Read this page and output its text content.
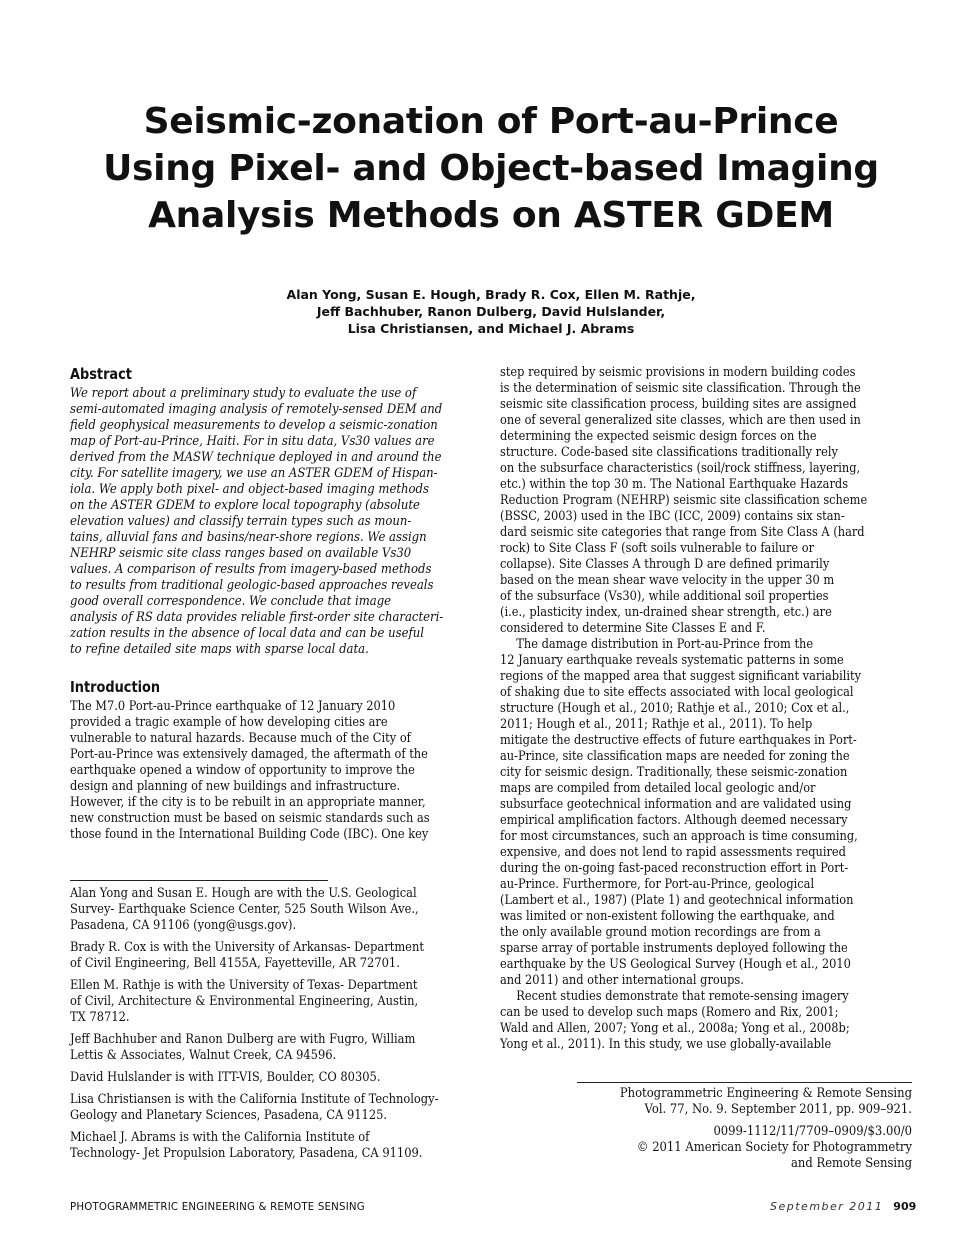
Seismic-zonation of Port-au-Prince
Using Pixel- and Object-based Imaging
Analysis Methods on ASTER GDEM
Alan Yong, Susan E. Hough, Brady R. Cox, Ellen M. Rathje,
Jeff Bachhuber, Ranon Dulberg, David Hulslander,
Lisa Christiansen, and Michael J. Abrams
Abstract
We report about a preliminary study to evaluate the use of
semi-automated imaging analysis of remotely-sensed DEM and
field geophysical measurements to develop a seismic-zonation
map of Port-au-Prince, Haiti. For in situ data, Vs30 values are
derived from the MASW technique deployed in and around the
city. For satellite imagery, we use an ASTER GDEM of Hispan-
iola. We apply both pixel- and object-based imaging methods
on the ASTER GDEM to explore local topography (absolute
elevation values) and classify terrain types such as moun-
tains, alluvial fans and basins/near-shore regions. We assign
NEHRP seismic site class ranges based on available Vs30
values. A comparison of results from imagery-based methods
to results from traditional geologic-based approaches reveals
good overall correspondence. We conclude that image
analysis of RS data provides reliable first-order site characteri-
zation results in the absence of local data and can be useful
to refine detailed site maps with sparse local data.
Introduction
The M7.0 Port-au-Prince earthquake of 12 January 2010
provided a tragic example of how developing cities are
vulnerable to natural hazards. Because much of the City of
Port-au-Prince was extensively damaged, the aftermath of the
earthquake opened a window of opportunity to improve the
design and planning of new buildings and infrastructure.
However, if the city is to be rebuilt in an appropriate manner,
new construction must be based on seismic standards such as
those found in the International Building Code (IBC). One key
Alan Yong and Susan E. Hough are with the U.S. Geological
Survey- Earthquake Science Center, 525 South Wilson Ave.,
Pasadena, CA 91106 (yong@usgs.gov).
Brady R. Cox is with the University of Arkansas- Department
of Civil Engineering, Bell 4155A, Fayetteville, AR 72701.
Ellen M. Rathje is with the University of Texas- Department
of Civil, Architecture & Environmental Engineering, Austin,
TX 78712.
Jeff Bachhuber and Ranon Dulberg are with Fugro, William
Lettis & Associates, Walnut Creek, CA 94596.
David Hulslander is with ITT-VIS, Boulder, CO 80305.
Lisa Christiansen is with the California Institute of Technology-
Geology and Planetary Sciences, Pasadena, CA 91125.
Michael J. Abrams is with the California Institute of
Technology- Jet Propulsion Laboratory, Pasadena, CA 91109.
step required by seismic provisions in modern building codes
is the determination of seismic site classification. Through the
seismic site classification process, building sites are assigned
one of several generalized site classes, which are then used in
determining the expected seismic design forces on the
structure. Code-based site classifications traditionally rely
on the subsurface characteristics (soil/rock stiffness, layering,
etc.) within the top 30 m. The National Earthquake Hazards
Reduction Program (NEHRP) seismic site classification scheme
(BSSC, 2003) used in the IBC (ICC, 2009) contains six stan-
dard seismic site categories that range from Site Class A (hard
rock) to Site Class F (soft soils vulnerable to failure or
collapse). Site Classes A through D are defined primarily
based on the mean shear wave velocity in the upper 30 m
of the subsurface (Vs30), while additional soil properties
(i.e., plasticity index, un-drained shear strength, etc.) are
considered to determine Site Classes E and F.
The damage distribution in Port-au-Prince from the
12 January earthquake reveals systematic patterns in some
regions of the mapped area that suggest significant variability
of shaking due to site effects associated with local geological
structure (Hough et al., 2010; Rathje et al., 2010; Cox et al.,
2011; Hough et al., 2011; Rathje et al., 2011). To help
mitigate the destructive effects of future earthquakes in Port-
au-Prince, site classification maps are needed for zoning the
city for seismic design. Traditionally, these seismic-zonation
maps are compiled from detailed local geologic and/or
subsurface geotechnical information and are validated using
empirical amplification factors. Although deemed necessary
for most circumstances, such an approach is time consuming,
expensive, and does not lend to rapid assessments required
during the on-going fast-paced reconstruction effort in Port-
au-Prince. Furthermore, for Port-au-Prince, geological
(Lambert et al., 1987) (Plate 1) and geotechnical information
was limited or non-existent following the earthquake, and
the only available ground motion recordings are from a
sparse array of portable instruments deployed following the
earthquake by the US Geological Survey (Hough et al., 2010
and 2011) and other international groups.
Recent studies demonstrate that remote-sensing imagery
can be used to develop such maps (Romero and Rix, 2001;
Wald and Allen, 2007; Yong et al., 2008a; Yong et al., 2008b;
Yong et al., 2011). In this study, we use globally-available
Photogrammetric Engineering & Remote Sensing
Vol. 77, No. 9. September 2011, pp. 909–921.
0099-1112/11/7709–0909/$3.00/0
© 2011 American Society for Photogrammetry
and Remote Sensing
PHOTOGRAMMETRIC ENGINEERING & REMOTE SENSING	September 2011 909
